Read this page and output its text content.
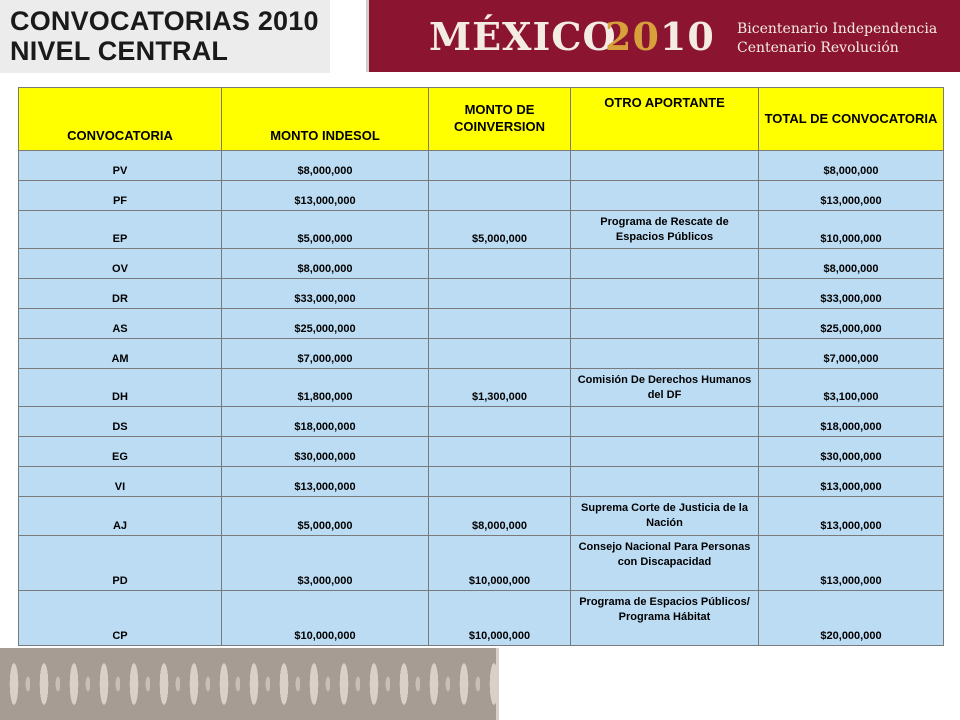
CONVOCATORIAS 2010
NIVEL CENTRAL	MÉXICO
2010 Bicentenario Independencia
Centenario Revolución
CONVOCATORIA	MONTO INDESOL	MONTO DE COINVERSION	OTRO APORTANTE	TOTAL DE CONVOCATORIA
PV	$8,000,000			$8,000,000
PF	$13,000,000			$13,000,000
EP	$5,000,000	$5,000,000	Programa de Rescate de Espacios Públicos	$10,000,000
OV	$8,000,000			$8,000,000
DR	$33,000,000			$33,000,000
AS	$25,000,000			$25,000,000
AM	$7,000,000			$7,000,000
DH	$1,800,000	$1,300,000	Comisión De Derechos Humanos del DF	$3,100,000
DS	$18,000,000			$18,000,000
EG	$30,000,000			$30,000,000
VI	$13,000,000			$13,000,000
AJ	$5,000,000	$8,000,000	Suprema Corte de Justicia de la Nación	$13,000,000
PD	$3,000,000	$10,000,000	Consejo Nacional Para Personas con Discapacidad	$13,000,000
CP	$10,000,000	$10,000,000	Programa de Espacios Públicos/ Programa Hábitat	$20,000,000
